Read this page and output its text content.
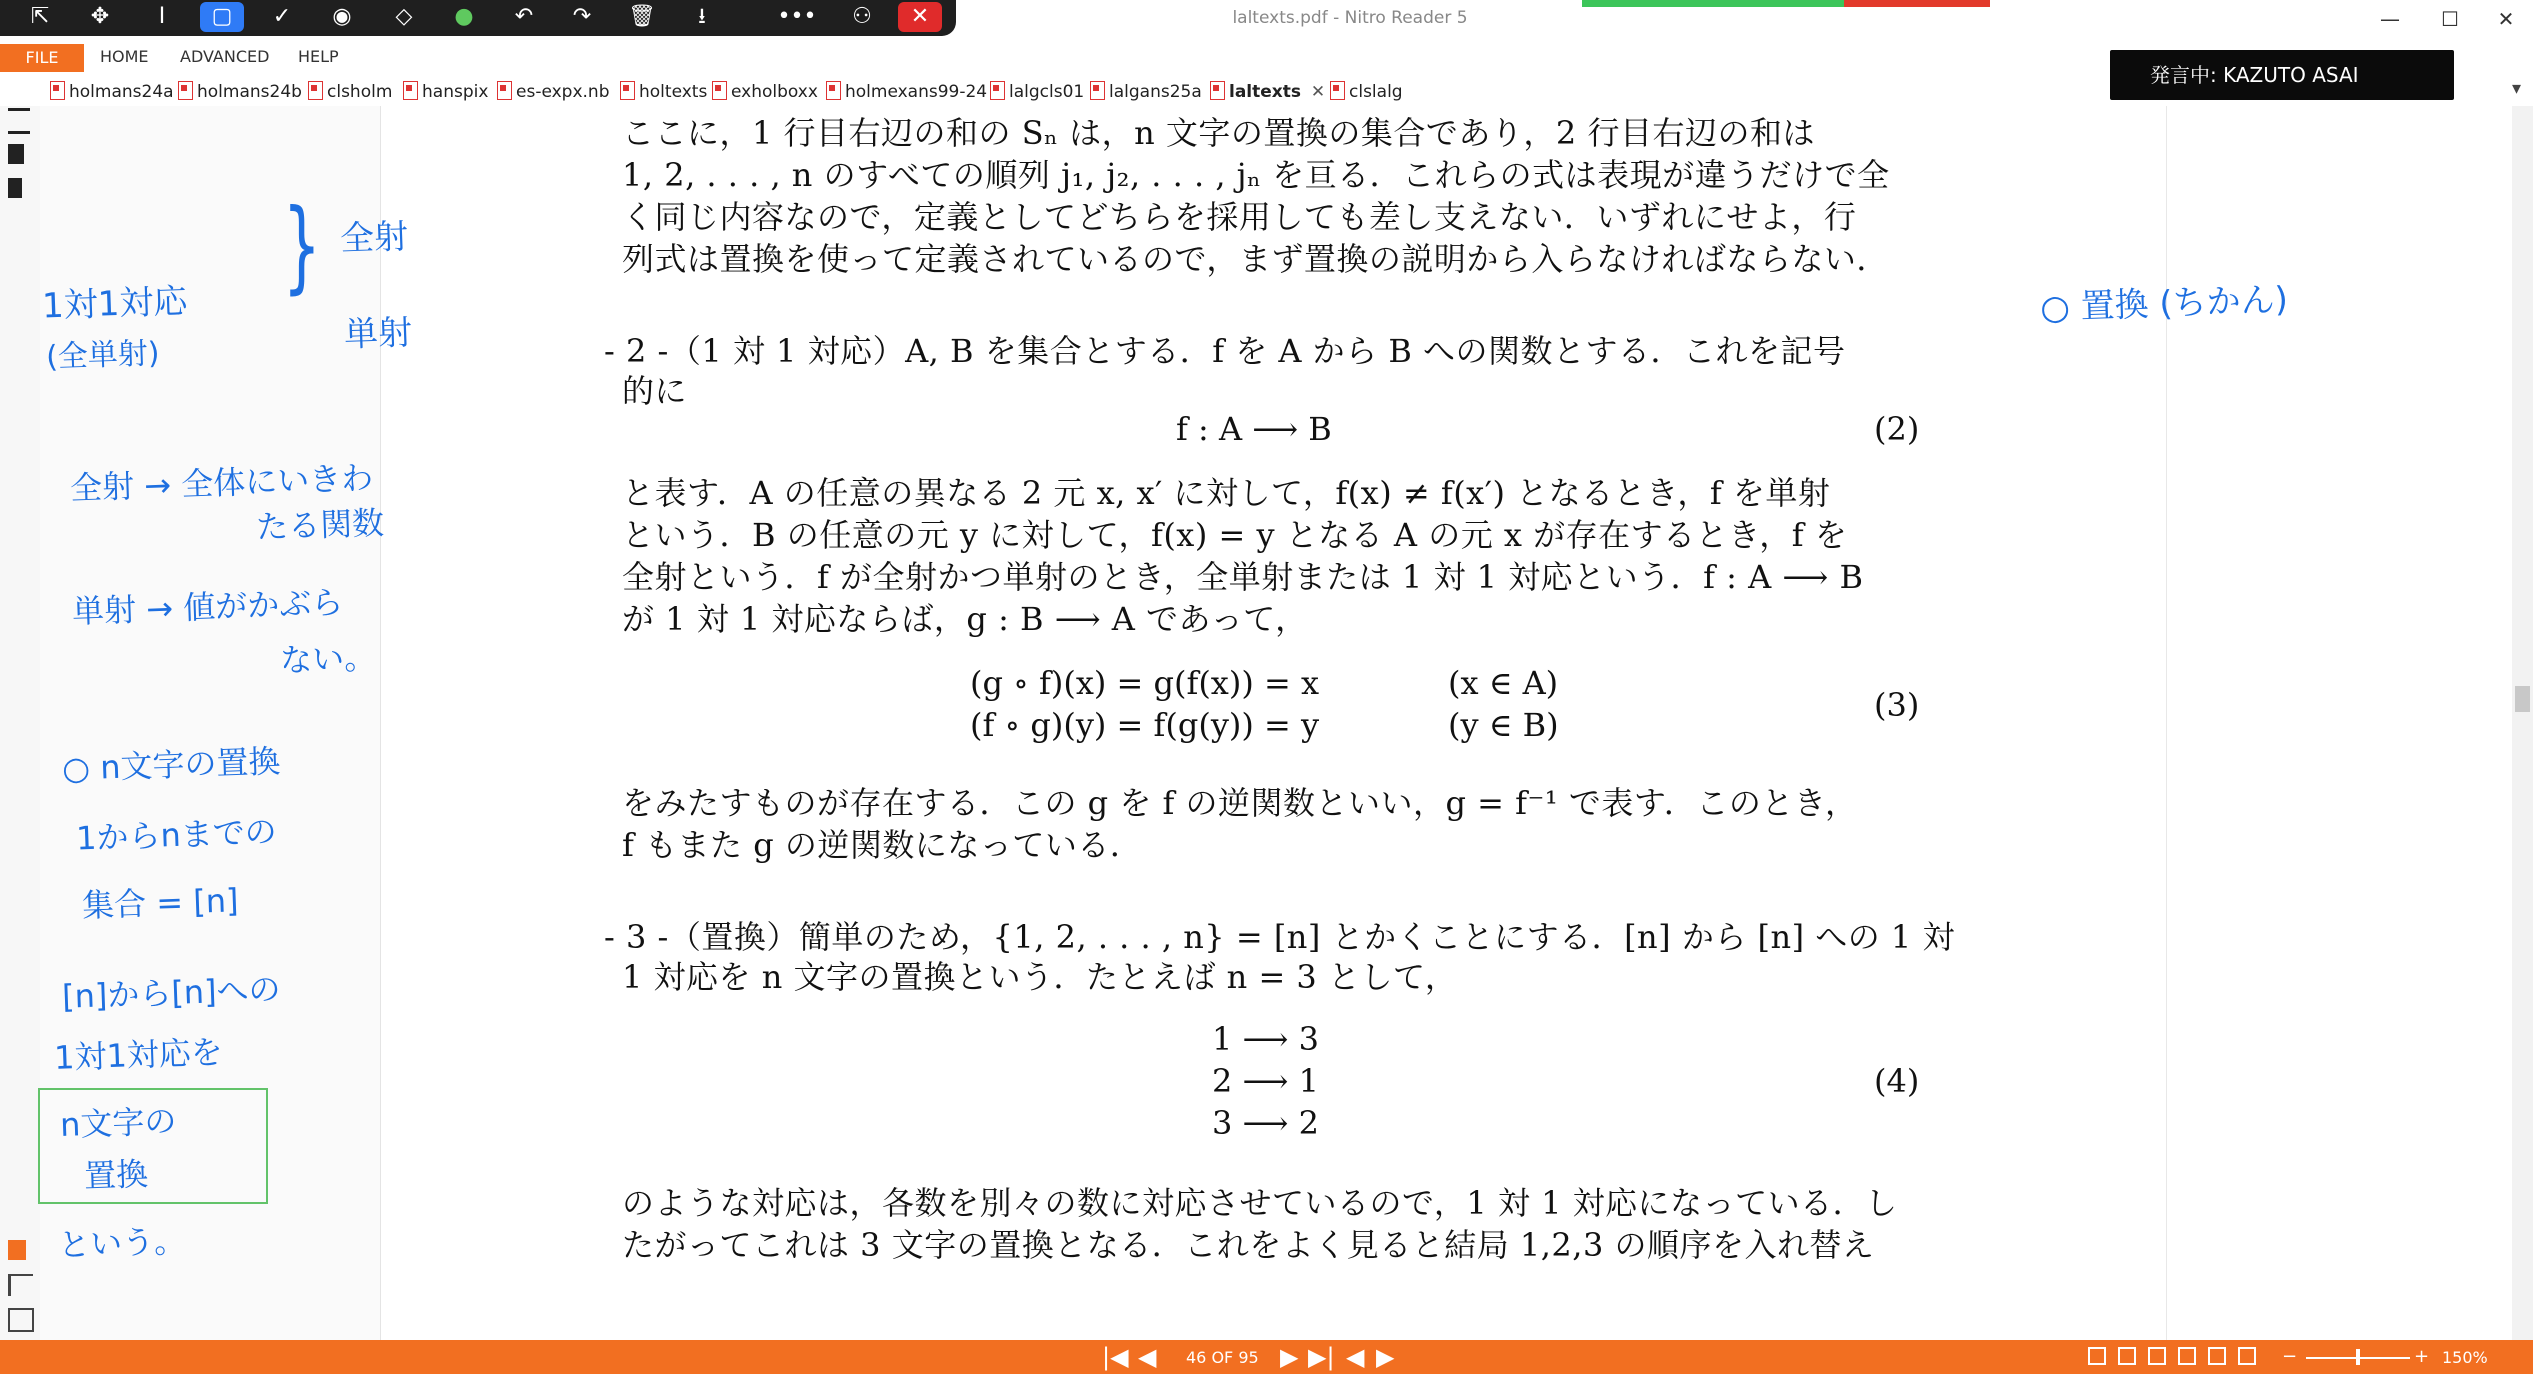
laltexts.pdf - Nitro Reader 5	—	☐	✕
⇱	✥	I	▢	✓	◉	◇	●	↶	↷	🗑	⭳	•••	⚇	✕
FILE	HOME ADVANCED HELP
発言中: KAZUTO ASAI
holmans24a	holmans24b	clsholm	hanspix	es-expx.nb	holtexts	exholboxx	holmexans99-24	lalgcls01	lalgans25a	laltexts ✕	clslalg	▾
ここに，1 行目右辺の和の Sₙ は，n 文字の置換の集合であり，2 行目右辺の和は
1, 2, . . . , n のすべての順列 j₁, j₂, . . . , jₙ を亘る．これらの式は表現が違うだけで全
く同じ内容なので，定義としてどちらを採用しても差し支えない．いずれにせよ，行
列式は置換を使って定義されているので，まず置換の説明から入らなければならない．
- 2 -（1 対 1 対応）A, B を集合とする．f を A から B への関数とする．これを記号
的に
f : A ⟶ B	(2)
と表す．A の任意の異なる 2 元 x, x′ に対して，f(x) ≠ f(x′) となるとき，f を単射
という．B の任意の元 y に対して，f(x) = y となる A の元 x が存在するとき，f を
全射という．f が全射かつ単射のとき，全単射または 1 対 1 対応という．f : A ⟶ B
が 1 対 1 対応ならば，g : B ⟶ A であって，
(g ∘ f)(x) = g(f(x)) = x	(x ∈ A)
(f ∘ g)(y) = f(g(y)) = y	(y ∈ B)
(3)
をみたすものが存在する．この g を f の逆関数といい，g = f⁻¹ で表す．このとき，
f もまた g の逆関数になっている．
- 3 -（置換）簡単のため，{1, 2, . . . , n} = [n] とかくことにする．[n] から [n] への 1 対
1 対応を n 文字の置換という．たとえば n = 3 として，
1 ⟶ 3
2 ⟶ 1
3 ⟶ 2
(4)
のような対応は，各数を別々の数に対応させているので，1 対 1 対応になっている．し
たがってこれは 3 文字の置換となる．これをよく見ると結局 1,2,3 の順序を入れ替え
1対1対応
(全単射)
} 全射
単射
全射 → 全体にいきわ
たる関数
単射 → 値がかぶら
ない。
○ n文字の置換
1からnまでの
集合 = [n]
[n]から[n]への
1対1対応を
n文字の
置換
という。
○ 置換 (ちかん)
|◀ ◀ 46 OF 95 ▶ ▶| ◀ ▶	−	+ 150%
